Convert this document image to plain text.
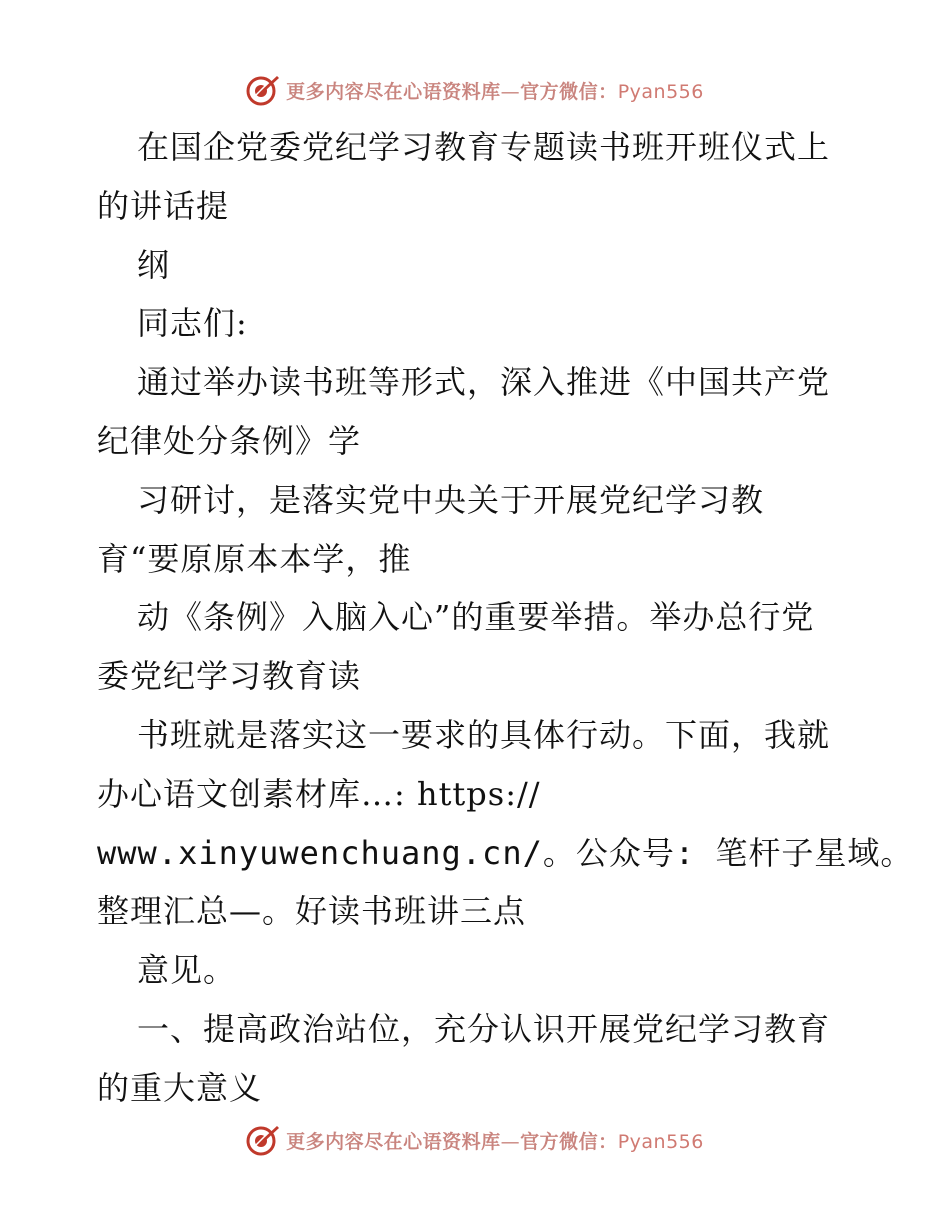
更多内容尽在心语资料库—官方微信：Pyan556
在国企党委党纪学习教育专题读书班开班仪式上
的讲话提
纲
同志们:
通过举办读书班等形式，深入推进《中国共产党
纪律处分条例》学
习研讨，是落实党中央关于开展党纪学习教
育“要原原本本学，推
动《条例》入脑入心”的重要举措。举办总行党
委党纪学习教育读
书班就是落实这一要求的具体行动。下面，我就
办心语文创素材库…: https://
www.xinyuwenchuang.cn/。公众号: 笔杆子星域。
整理汇总—。好读书班讲三点
意见。
一、提高政治站位，充分认识开展党纪学习教育
的重大意义
更多内容尽在心语资料库—官方微信：Pyan556
